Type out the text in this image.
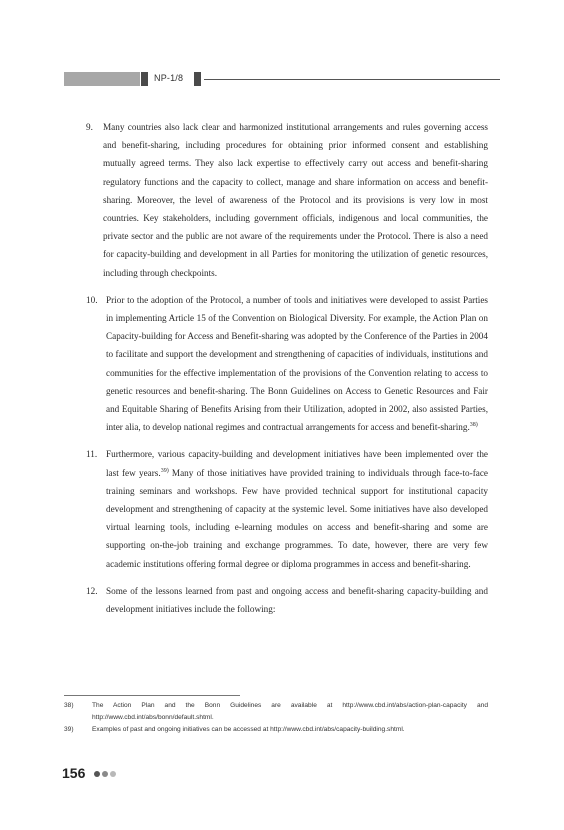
NP-1/8

9. Many countries also lack clear and harmonized institutional arrangements and rules governing access and benefit-sharing, including procedures for obtaining prior informed consent and establishing mutually agreed terms. They also lack expertise to effectively carry out access and benefit-sharing regulatory functions and the capacity to collect, manage and share information on access and benefit-sharing. Moreover, the level of awareness of the Protocol and its provisions is very low in most countries. Key stakeholders, including government officials, indigenous and local communities, the private sector and the public are not aware of the requirements under the Protocol. There is also a need for capacity-building and development in all Parties for monitoring the utilization of genetic resources, including through checkpoints.

10. Prior to the adoption of the Protocol, a number of tools and initiatives were developed to assist Parties in implementing Article 15 of the Convention on Biological Diversity. For example, the Action Plan on Capacity-building for Access and Benefit-sharing was adopted by the Conference of the Parties in 2004 to facilitate and support the development and strengthening of capacities of individuals, institutions and communities for the effective implementation of the provisions of the Convention relating to access to genetic resources and benefit-sharing. The Bonn Guidelines on Access to Genetic Resources and Fair and Equitable Sharing of Benefits Arising from their Utilization, adopted in 2002, also assisted Parties, inter alia, to develop national regimes and contractual arrangements for access and benefit-sharing.$^{38)}$

11. Furthermore, various capacity-building and development initiatives have been implemented over the last few years.$^{39)}$ Many of those initiatives have provided training to individuals through face-to-face training seminars and workshops. Few have provided technical support for institutional capacity development and strengthening of capacity at the systemic level. Some initiatives have also developed virtual learning tools, including e-learning modules on access and benefit-sharing and some are supporting on-the-job training and exchange programmes. To date, however, there are very few academic institutions offering formal degree or diploma programmes in access and benefit-sharing.

12. Some of the lessons learned from past and ongoing access and benefit-sharing capacity-building and development initiatives include the following:

38)	The Action Plan and the Bonn Guidelines are available at http://www.cbd.int/abs/action-plan-capacity and http://www.cbd.int/abs/bonn/default.shtml.
39)	Examples of past and ongoing initiatives can be accessed at http://www.cbd.int/abs/capacity-building.shtml.
156
